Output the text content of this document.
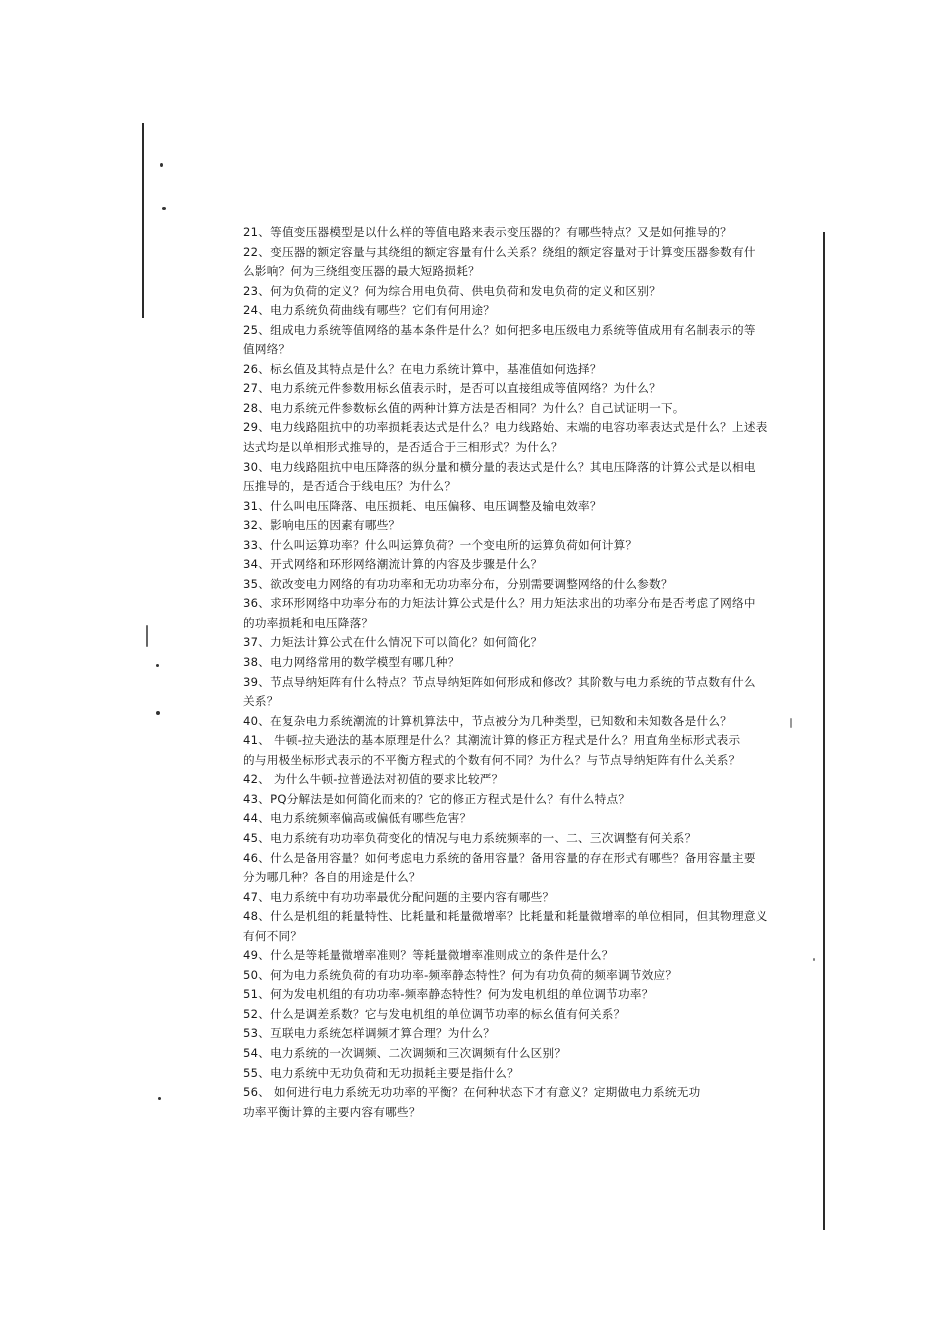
21、等值变压器模型是以什么样的等值电路来表示变压器的？有哪些特点？又是如何推导的？
22、变压器的额定容量与其绕组的额定容量有什么关系？绕组的额定容量对于计算变压器参数有什
么影响？何为三绕组变压器的最大短路损耗？
23、何为负荷的定义？何为综合用电负荷、供电负荷和发电负荷的定义和区别？
24、电力系统负荷曲线有哪些？它们有何用途？
25、组成电力系统等值网络的基本条件是什么？如何把多电压级电力系统等值成用有名制表示的等
值网络？
26、标幺值及其特点是什么？在电力系统计算中，基准值如何选择？
27、电力系统元件参数用标幺值表示时，是否可以直接组成等值网络？为什么？
28、电力系统元件参数标幺值的两种计算方法是否相同？为什么？自己试证明一下。
29、电力线路阻抗中的功率损耗表达式是什么？电力线路始、末端的电容功率表达式是什么？上述表
达式均是以单相形式推导的，是否适合于三相形式？为什么？
30、电力线路阻抗中电压降落的纵分量和横分量的表达式是什么？其电压降落的计算公式是以相电
压推导的，是否适合于线电压？为什么？
31、什么叫电压降落、电压损耗、电压偏移、电压调整及输电效率？
32、影响电压的因素有哪些？
33、什么叫运算功率？什么叫运算负荷？一个变电所的运算负荷如何计算？
34、开式网络和环形网络潮流计算的内容及步骤是什么？
35、欲改变电力网络的有功功率和无功功率分布，分别需要调整网络的什么参数？
36、求环形网络中功率分布的力矩法计算公式是什么？用力矩法求出的功率分布是否考虑了网络中
的功率损耗和电压降落？
37、力矩法计算公式在什么情况下可以简化？如何简化？
38、电力网络常用的数学模型有哪几种？
39、节点导纳矩阵有什么特点？节点导纳矩阵如何形成和修改？其阶数与电力系统的节点数有什么
关系？
40、在复杂电力系统潮流的计算机算法中，节点被分为几种类型，已知数和未知数各是什么？
41、 牛顿-拉夫逊法的基本原理是什么？其潮流计算的修正方程式是什么？用直角坐标形式表示
的与用极坐标形式表示的不平衡方程式的个数有何不同？为什么？与节点导纳矩阵有什么关系？
42、 为什么牛顿-拉普逊法对初值的要求比较严？
43、PQ分解法是如何简化而来的？它的修正方程式是什么？有什么特点？
44、电力系统频率偏高或偏低有哪些危害？
45、电力系统有功功率负荷变化的情况与电力系统频率的一、二、三次调整有何关系？
46、什么是备用容量？如何考虑电力系统的备用容量？备用容量的存在形式有哪些？备用容量主要
分为哪几种？各自的用途是什么？
47、电力系统中有功功率最优分配问题的主要内容有哪些？
48、什么是机组的耗量特性、比耗量和耗量微增率？比耗量和耗量微增率的单位相同，但其物理意义
有何不同？
49、什么是等耗量微增率准则？等耗量微增率准则成立的条件是什么？
50、何为电力系统负荷的有功功率-频率静态特性？何为有功负荷的频率调节效应？
51、何为发电机组的有功功率-频率静态特性？何为发电机组的单位调节功率？
52、什么是调差系数？它与发电机组的单位调节功率的标幺值有何关系？
53、互联电力系统怎样调频才算合理？为什么？
54、电力系统的一次调频、二次调频和三次调频有什么区别？
55、电力系统中无功负荷和无功损耗主要是指什么？
56、 如何进行电力系统无功功率的平衡？在何种状态下才有意义？定期做电力系统无功
功率平衡计算的主要内容有哪些？
